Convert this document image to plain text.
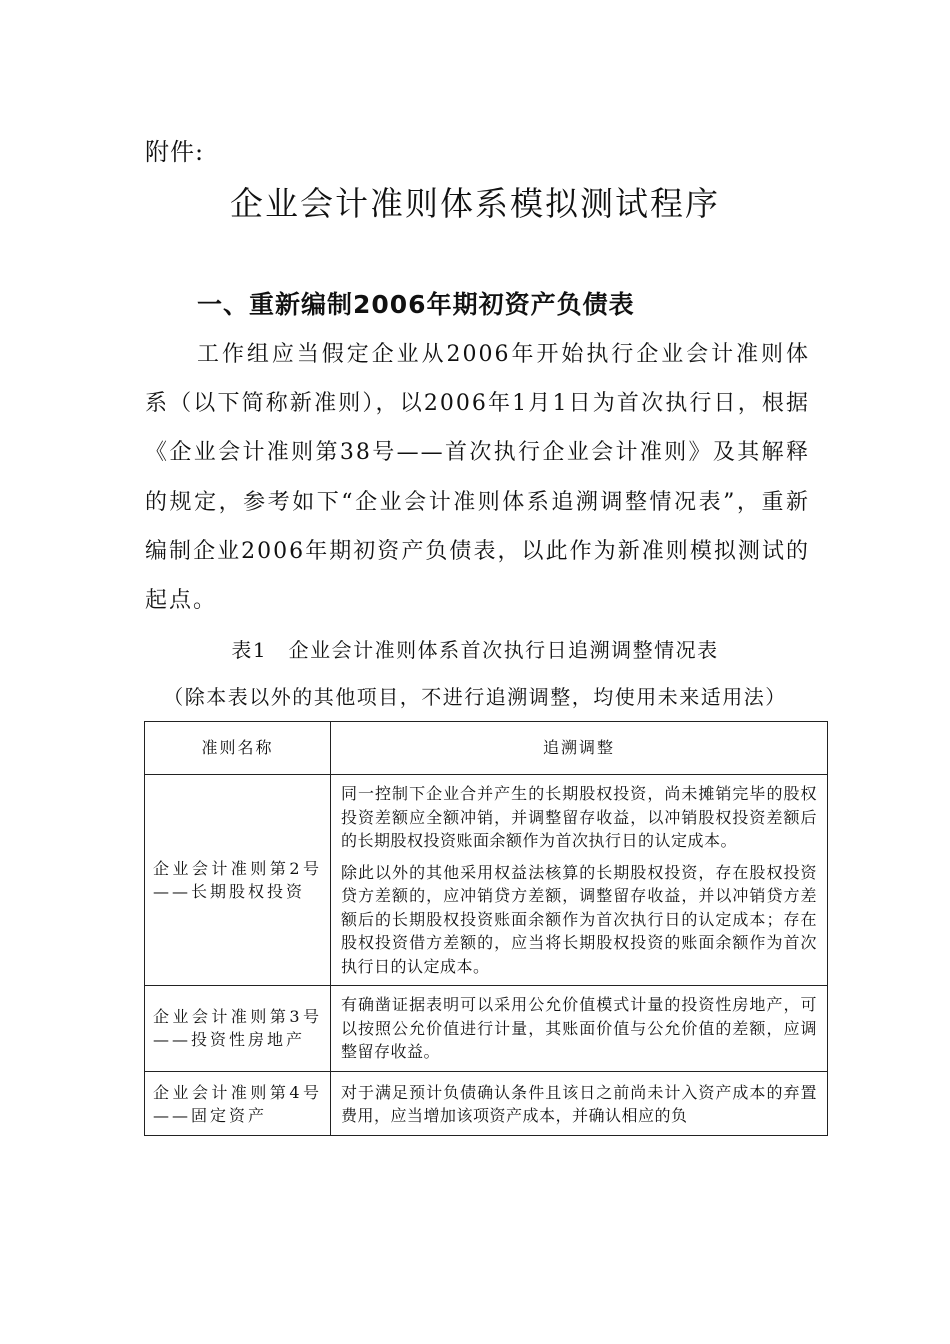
附件:
企业会计准则体系模拟测试程序
一、重新编制2006年期初资产负债表

工作组应当假定企业从2006年开始执行企业会计准则体系（以下简称新准则），以2006年1月1日为首次执行日，根据《企业会计准则第38号——首次执行企业会计准则》及其解释的规定，参考如下“企业会计准则体系追溯调整情况表”，重新编制企业2006年期初资产负债表，以此作为新准则模拟测试的起点。

表1　企业会计准则体系首次执行日追溯调整情况表
（除本表以外的其他项目，不进行追溯调整，均使用未来适用法）
准则名称	追溯调整
企业会计准则第2号——长期股权投资	同一控制下企业合并产生的长期股权投资，尚未摊销完毕的股权投资差额应全额冲销，并调整留存收益，以冲销股权投资差额后的长期股权投资账面余额作为首次执行日的认定成本。
除此以外的其他采用权益法核算的长期股权投资，存在股权投资贷方差额的，应冲销贷方差额，调整留存收益，并以冲销贷方差额后的长期股权投资账面余额作为首次执行日的认定成本；存在股权投资借方差额的，应当将长期股权投资的账面余额作为首次执行日的认定成本。

企业会计准则第3号——投资性房地产	有确凿证据表明可以采用公允价值模式计量的投资性房地产，可以按照公允价值进行计量，其账面价值与公允价值的差额，应调整留存收益。

企业会计准则第4号——固定资产	对于满足预计负债确认条件且该日之前尚未计入资产成本的弃置费用，应当增加该项资产成本，并确认相应的负
